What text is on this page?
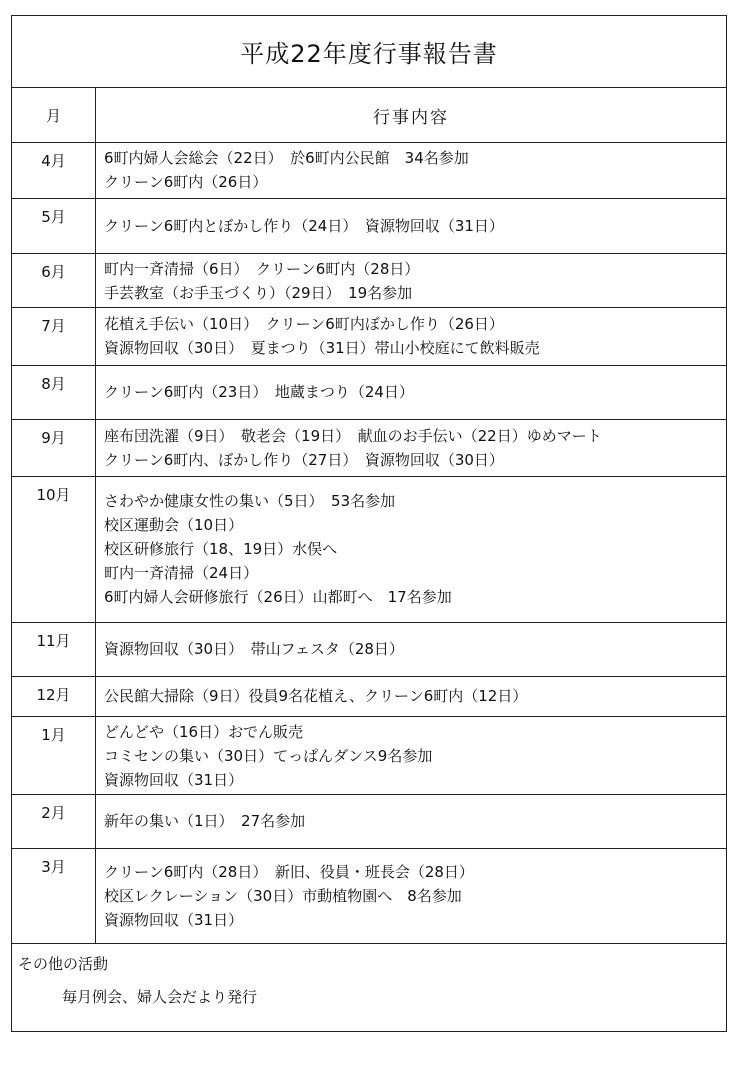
平成22年度行事報告書
月	行事内容
4月	6町内婦人会総会（22日）　於6町内公民館　34名参加
クリーン6町内（26日）
5月	クリーン6町内とぼかし作り（24日）　資源物回収（31日）
6月	町内一斉清掃（6日）　クリーン6町内（28日）
手芸教室（お手玉づくり）（29日）　19名参加
7月	花植え手伝い（10日）　クリーン6町内ぼかし作り（26日）
資源物回収（30日）　夏まつり（31日）帯山小校庭にて飲料販売
8月	クリーン6町内（23日）　地蔵まつり（24日）
9月	座布団洗濯（9日）　敬老会（19日）　献血のお手伝い（22日）ゆめマート
クリーン6町内、ぼかし作り（27日）　資源物回収（30日）
10月	さわやか健康女性の集い（5日）　53名参加
校区運動会（10日）
校区研修旅行（18、19日）水俣へ
町内一斉清掃（24日）
6町内婦人会研修旅行（26日）山都町へ　17名参加
11月	資源物回収（30日）　帯山フェスタ（28日）
12月	公民館大掃除（9日）役員9名花植え、クリーン6町内（12日）
1月	どんどや（16日）おでん販売
コミセンの集い（30日）てっぱんダンス9名参加
資源物回収（31日）
2月	新年の集い（1日）　27名参加
3月	クリーン6町内（28日）　新旧、役員・班長会（28日）
校区レクレーション（30日）市動植物園へ　8名参加
資源物回収（31日）
その他の活動
毎月例会、婦人会だより発行
